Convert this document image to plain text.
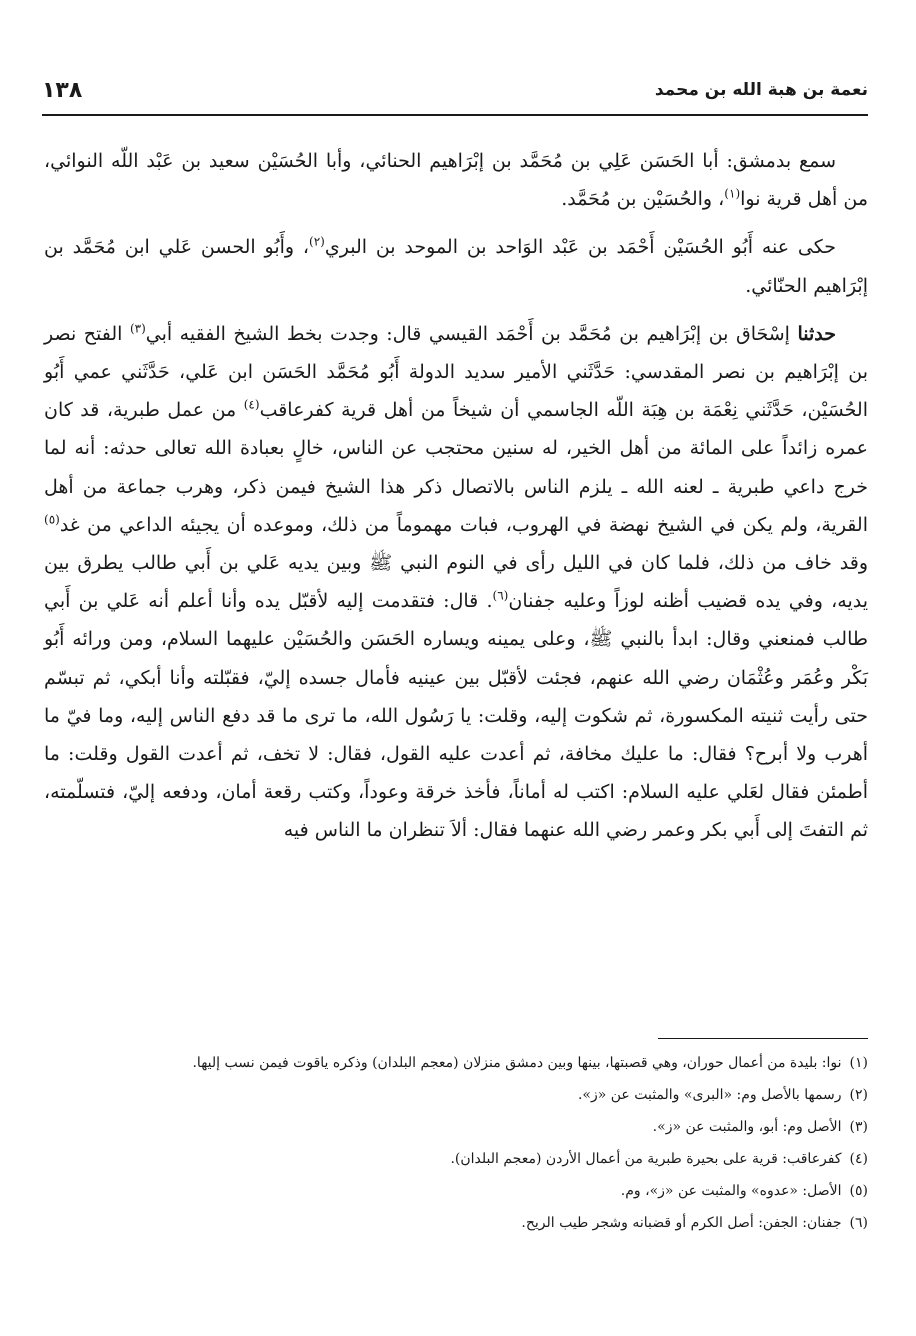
نعمة بن هبة الله بن محمد
١٣٨

سمع بدمشق: أبا الحَسَن عَلِي بن مُحَمَّد بن إبْرَاهيم الحنائي، وأبا الحُسَيْن سعيد بن عَبْد اللّه النوائي، من أهل قرية نوا$^{(١)}$، والحُسَيْن بن مُحَمَّد.

حكى عنه أَبُو الحُسَيْن أَحْمَد بن عَبْد الوَاحد بن الموحد بن البري$^{(٢)}$، وأَبُو الحسن عَلي ابن مُحَمَّد بن إبْرَاهيم الحنّائي.

حدثنا إسْحَاق بن إبْرَاهيم بن مُحَمَّد بن أَحْمَد القيسي قال: وجدت بخط الشيخ الفقيه أبي$^{(٣)}$ الفتح نصر بن إبْرَاهيم بن نصر المقدسي: حَدَّثَني الأمير سديد الدولة أَبُو مُحَمَّد الحَسَن ابن عَلي، حَدَّثَني عمي أَبُو الحُسَيْن، حَدَّثَني نِعْمَة بن هِبَة اللّه الجاسمي أن شيخاً من أهل قرية كفرعاقب$^{(٤)}$ من عمل طبرية، قد كان عمره زائداً على المائة من أهل الخير، له سنين محتجب عن الناس، خالٍ بعبادة الله تعالى حدثه: أنه لما خرج داعي طبرية ـ لعنه الله ـ يلزم الناس بالاتصال ذكر هذا الشيخ فيمن ذكر، وهرب جماعة من أهل القرية، ولم يكن في الشيخ نهضة في الهروب، فبات مهموماً من ذلك، وموعده أن يجيئه الداعي من غد$^{(٥)}$ وقد خاف من ذلك، فلما كان في الليل رأى في النوم النبي ﷺ وبين يديه عَلي بن أَبي طالب يطرق بين يديه، وفي يده قضيب أظنه لوزاً وعليه جفنان$^{(٦)}$. قال: فتقدمت إليه لأقبّل يده وأنا أعلم أنه عَلي بن أَبي طالب فمنعني وقال: ابدأ بالنبي ﷺ، وعلى يمينه ويساره الحَسَن والحُسَيْن عليهما السلام، ومن ورائه أَبُو بَكْر وعُمَر وعُثْمَان رضي الله عنهم، فجئت لأقبّل بين عينيه فأمال جسده إليّ، فقبّلته وأنا أبكي، ثم تبسّم حتى رأيت ثنيته المكسورة، ثم شكوت إليه، وقلت: يا رَسُول الله، ما ترى ما قد دفع الناس إليه، وما فيّ ما أهرب ولا أبرح؟ فقال: ما عليك مخافة، ثم أعدت عليه القول، فقال: لا تخف، ثم أعدت القول وقلت: ما أطمئن فقال لعَلي عليه السلام: اكتب له أماناً، فأخذ خرقة وعوداً، وكتب رقعة أمان، ودفعه إليّ، فتسلّمته، ثم التفتَ إلى أَبي بكر وعمر رضي الله عنهما فقال: ألاَ تنظران ما الناس فيه

(١)
نوا: بليدة من أعمال حوران، وهي قصبتها، بينها وبين دمشق منزلان (معجم البلدان) وذكره ياقوت فيمن نسب إليها.

(٢)
رسمها بالأصل وم: «البرى» والمثبت عن «ز».

(٣)
الأصل وم: أبو، والمثبت عن «ز».

(٤)
كفرعاقب: قرية على بحيرة طبرية من أعمال الأردن (معجم البلدان).

(٥)
الأصل: «عدوه» والمثبت عن «ز»، وم.

(٦)
جفنان: الجفن: أصل الكرم أو قضبانه وشجر طيب الريح.
